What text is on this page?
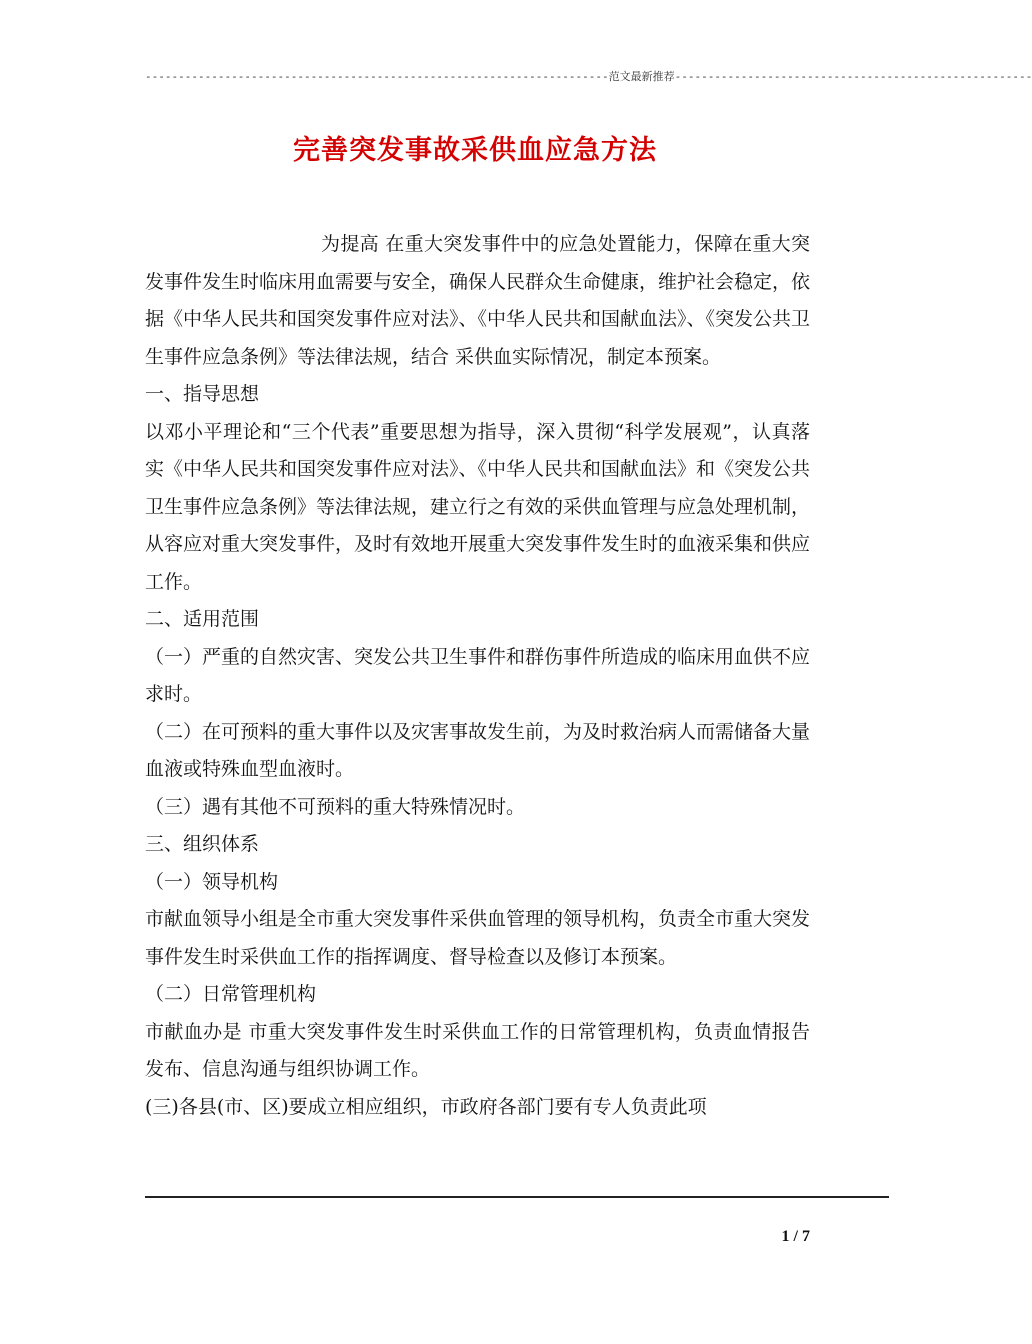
----------------------------------------------------------------------范文最新推荐------------------------------------------------------
完善突发事故采供血应急方法

为提高 在重大突发事件中的应急处置能力，保障在重大突发事件发生时临床用血需要与安全，确保人民群众生命健康，维护社会稳定，依据《中华人民共和国突发事件应对法》、《中华人民共和国献血法》、《突发公共卫生事件应急条例》等法律法规，结合 采供血实际情况，制定本预案。

一、指导思想

以邓小平理论和“三个代表”重要思想为指导，深入贯彻“科学发展观”，认真落实《中华人民共和国突发事件应对法》、《中华人民共和国献血法》和《突发公共卫生事件应急条例》等法律法规，建立行之有效的采供血管理与应急处理机制，从容应对重大突发事件，及时有效地开展重大突发事件发生时的血液采集和供应工作。

二、适用范围

（一）严重的自然灾害、突发公共卫生事件和群伤事件所造成的临床用血供不应求时。

（二）在可预料的重大事件以及灾害事故发生前，为及时救治病人而需储备大量血液或特殊血型血液时。

（三）遇有其他不可预料的重大特殊情况时。

三、组织体系

（一）领导机构

市献血领导小组是全市重大突发事件采供血管理的领导机构，负责全市重大突发事件发生时采供血工作的指挥调度、督导检查以及修订本预案。

（二）日常管理机构

市献血办是 市重大突发事件发生时采供血工作的日常管理机构，负责血情报告发布、信息沟通与组织协调工作。

(三)各县(市、区)要成立相应组织，市政府各部门要有专人负责此项

1 / 7
